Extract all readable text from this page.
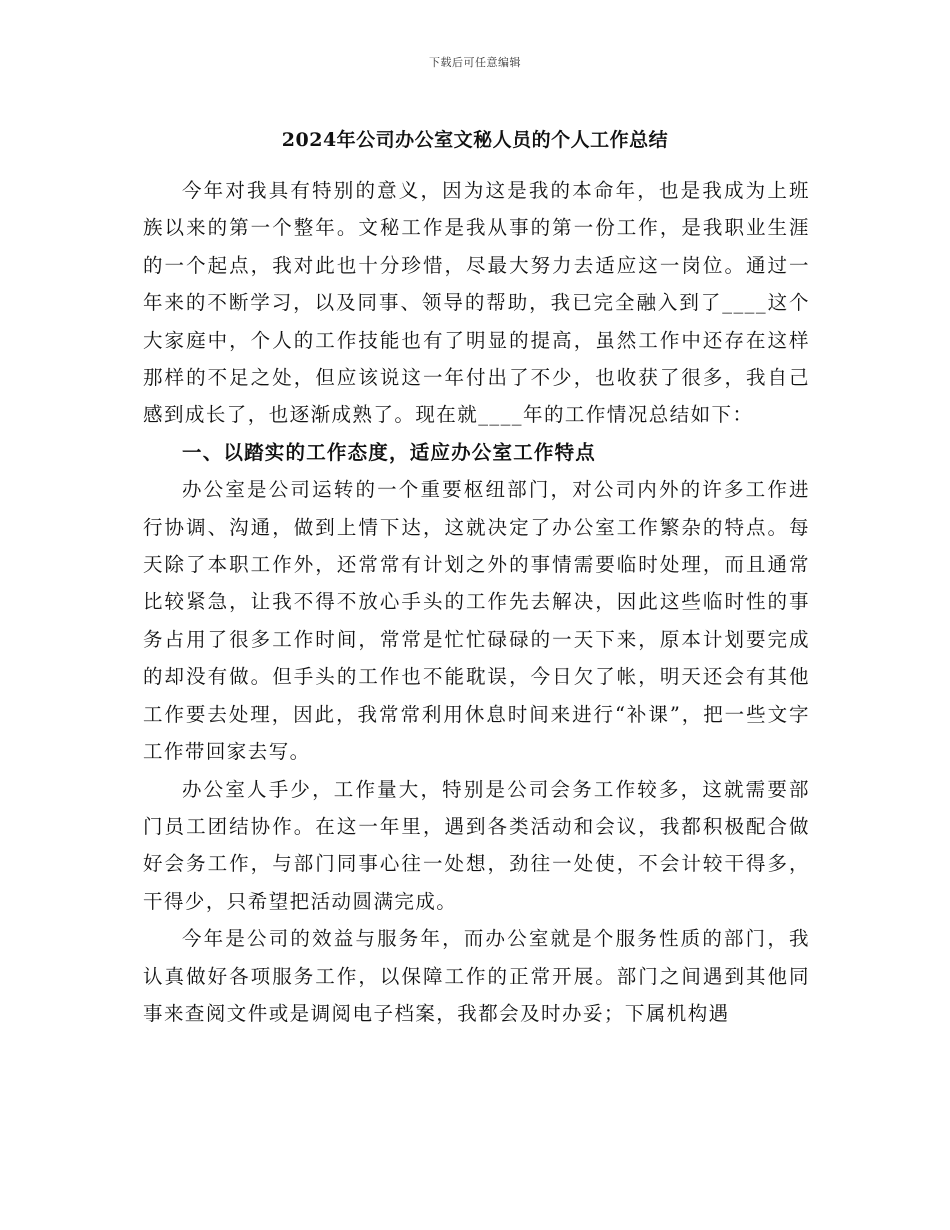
下载后可任意编辑
2024年公司办公室文秘人员的个人工作总结

今年对我具有特别的意义，因为这是我的本命年，也是我成为上班族以来的第一个整年。文秘工作是我从事的第一份工作，是我职业生涯的一个起点，我对此也十分珍惜，尽最大努力去适应这一岗位。通过一年来的不断学习，以及同事、领导的帮助，我已完全融入到了____这个大家庭中，个人的工作技能也有了明显的提高，虽然工作中还存在这样那样的不足之处，但应该说这一年付出了不少，也收获了很多，我自己感到成长了，也逐渐成熟了。现在就____年的工作情况总结如下：

一、以踏实的工作态度，适应办公室工作特点

办公室是公司运转的一个重要枢纽部门，对公司内外的许多工作进行协调、沟通，做到上情下达，这就决定了办公室工作繁杂的特点。每天除了本职工作外，还常常有计划之外的事情需要临时处理，而且通常比较紧急，让我不得不放心手头的工作先去解决，因此这些临时性的事务占用了很多工作时间，常常是忙忙碌碌的一天下来，原本计划要完成的却没有做。但手头的工作也不能耽误，今日欠了帐，明天还会有其他工作要去处理，因此，我常常利用休息时间来进行“补课”，把一些文字工作带回家去写。

办公室人手少，工作量大，特别是公司会务工作较多，这就需要部门员工团结协作。在这一年里，遇到各类活动和会议，我都积极配合做好会务工作，与部门同事心往一处想，劲往一处使，不会计较干得多，干得少，只希望把活动圆满完成。

今年是公司的效益与服务年，而办公室就是个服务性质的部门，我认真做好各项服务工作，以保障工作的正常开展。部门之间遇到其他同事来查阅文件或是调阅电子档案，我都会及时办妥；下属机构遇
